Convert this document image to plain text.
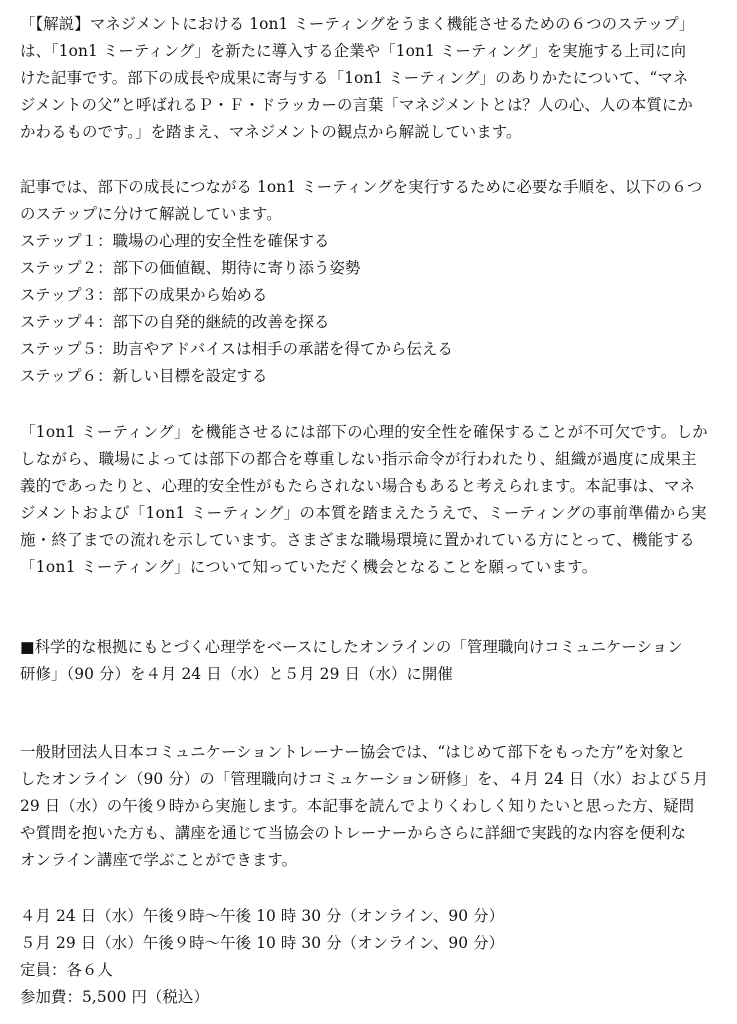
「【解説】マネジメントにおける 1on1 ミーティングをうまく機能させるための６つのステップ」
は、「1on1 ミーティング」を新たに導入する企業や「1on1 ミーティング」を実施する上司に向
けた記事です。部下の成長や成果に寄与する「1on1 ミーティング」のありかたについて、“マネ
ジメントの父”と呼ばれるＰ・Ｆ・ドラッカーの言葉「マネジメントとは？人の心、人の本質にか
かわるものです。」を踏まえ、マネジメントの観点から解説しています。
記事では、部下の成長につながる 1on1 ミーティングを実行するために必要な手順を、以下の６つ
のステップに分けて解説しています。
ステップ１：職場の心理的安全性を確保する
ステップ２：部下の価値観、期待に寄り添う姿勢
ステップ３：部下の成果から始める
ステップ４：部下の自発的継続的改善を探る
ステップ５：助言やアドバイスは相手の承諾を得てから伝える
ステップ６：新しい目標を設定する
「1on1 ミーティング」を機能させるには部下の心理的安全性を確保することが不可欠です。しか
しながら、職場によっては部下の都合を尊重しない指示命令が行われたり、組織が過度に成果主
義的であったりと、心理的安全性がもたらされない場合もあると考えられます。本記事は、マネ
ジメントおよび「1on1 ミーティング」の本質を踏まえたうえで、ミーティングの事前準備から実
施・終了までの流れを示しています。さまざまな職場環境に置かれている方にとって、機能する
「1on1 ミーティング」について知っていただく機会となることを願っています。
■科学的な根拠にもとづく心理学をベースにしたオンラインの「管理職向けコミュニケーション
研修」（90 分）を４月 24 日（水）と５月 29 日（水）に開催
一般財団法人日本コミュニケーショントレーナー協会では、“はじめて部下をもった方”を対象と
したオンライン（90 分）の「管理職向けコミュケーション研修」を、４月 24 日（水）および５月
29 日（水）の午後９時から実施します。本記事を読んでよりくわしく知りたいと思った方、疑問
や質問を抱いた方も、講座を通じて当協会のトレーナーからさらに詳細で実践的な内容を便利な
オンライン講座で学ぶことができます。
４月 24 日（水）午後９時〜午後 10 時 30 分（オンライン、90 分）
５月 29 日（水）午後９時〜午後 10 時 30 分（オンライン、90 分）
定員：各６人
参加費：5,500 円（税込）
